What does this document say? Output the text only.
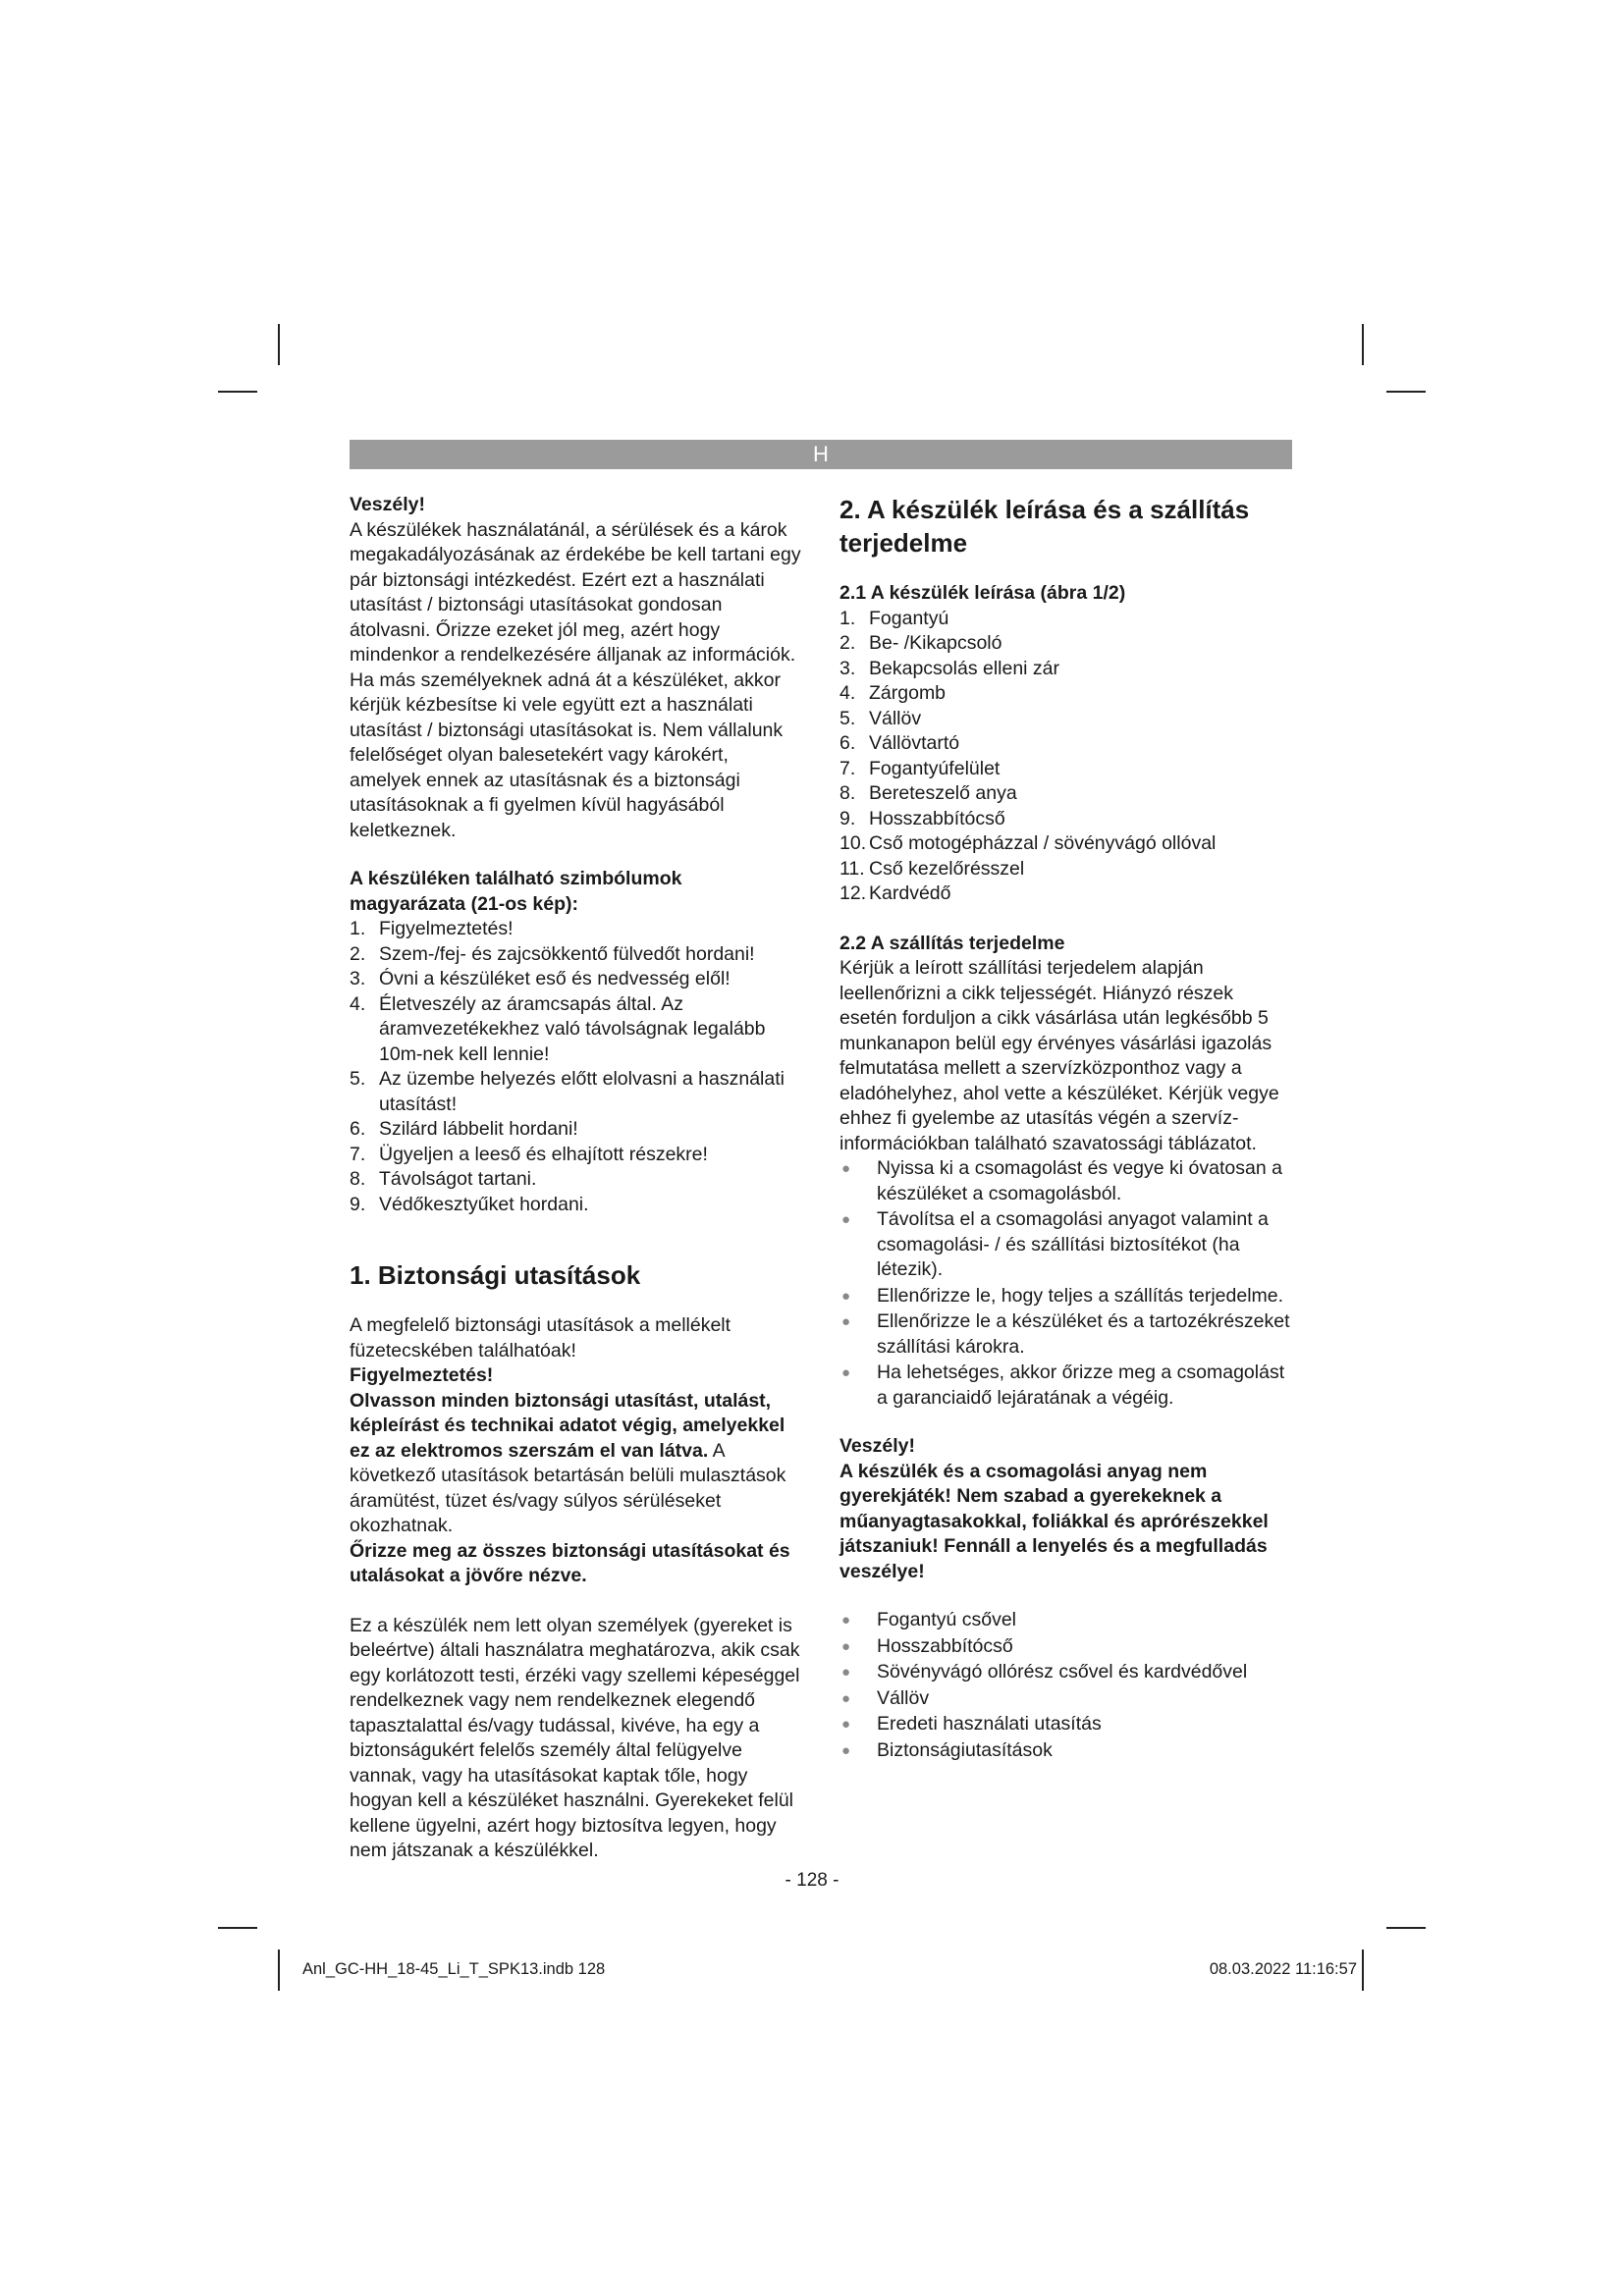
H

Veszély!

A készülékek használatánál, a sérülések és a károk megakadályozásának az érdekébe be kell tartani egy pár biztonsági intézkedést. Ezért ezt a használati utasítást / biztonsági utasításokat gondosan átolvasni. Őrizze ezeket jól meg, azért hogy mindenkor a rendelkezésére álljanak az információk. Ha más személyeknek adná át a készüléket, akkor kérjük kézbesítse ki vele együtt ezt a használati utasítást / biztonsági utasításokat is. Nem vállalunk felelőséget olyan balesetekért vagy károkért, amelyek ennek az utasításnak és a biztonsági utasításoknak a fi gyelmen kívül hagyásából keletkeznek.

A készüléken található szimbólumok magyarázata (21-os kép):

1. Figyelmeztetés!
2. Szem-/fej- és zajcsökkentő fülvedőt hordani!
3. Óvni a készüléket eső és nedvesség elől!
4. Életveszély az áramcsapás által. Az áramvezetékekhez való távolságnak legalább 10m-nek kell lennie!
5. Az üzembe helyezés előtt elolvasni a használati utasítást!
6. Szilárd lábbelit hordani!
7. Ügyeljen a leeső és elhajított részekre!
8. Távolságot tartani.
9. Védőkesztyűket hordani.
1. Biztonsági utasítások

A megfelelő biztonsági utasítások a mellékelt füzetecskében találhatóak!

Figyelmeztetés!

Olvasson minden biztonsági utasítást, utalást, képleírást és technikai adatot végig, amelyekkel ez az elektromos szerszám el van látva. A következő utasítások betartásán belüli mulasztások áramütést, tüzet és/vagy súlyos sérüléseket okozhatnak.

Őrizze meg az összes biztonsági utasításokat és utalásokat a jövőre nézve.

Ez a készülék nem lett olyan személyek (gyereket is beleértve) általi használatra meghatározva, akik csak egy korlátozott testi, érzéki vagy szellemi képeséggel rendelkeznek vagy nem rendelkeznek elegendő tapasztalattal és/vagy tudással, kivéve, ha egy a biztonságukért felelős személy által felügyelve vannak, vagy ha utasításokat kaptak tőle, hogy hogyan kell a készüléket használni. Gyerekeket felül kellene ügyelni, azért hogy biztosítva legyen, hogy nem játszanak a készülékkel.

2. A készülék leírása és a szállítás terjedelme

2.1 A készülék leírása (ábra 1/2)

1. Fogantyú
2. Be- /Kikapcsoló
3. Bekapcsolás elleni zár
4. Zárgomb
5. Vállöv
6. Vállövtartó
7. Fogantyúfelület
8. Bereteszelő anya
9. Hosszabbítócső
10. Cső motogépházzal / sövényvágó ollóval
11. Cső kezelőrésszel
12. Kardvédő

2.2 A szállítás terjedelme

Kérjük a leírott szállítási terjedelem alapján leellenőrizni a cikk teljességét. Hiányzó részek esetén forduljon a cikk vásárlása után legkésőbb 5 munkanapon belül egy érvényes vásárlási igazolás felmutatása mellett a szervízközponthoz vagy a eladóhelyhez, ahol vette a készüléket. Kérjük vegye ehhez fi gyelembe az utasítás végén a szervíz-információkban található szavatossági táblázatot.

●	Nyissa ki a csomagolást és vegye ki óvatosan a készüléket a csomagolásból.
●	Távolítsa el a csomagolási anyagot valamint a csomagolási- / és szállítási biztosítékot (ha létezik).
●	Ellenőrizze le, hogy teljes a szállítás terjedelme.
●	Ellenőrizze le a készüléket és a tartozékrészeket szállítási károkra.
●	Ha lehetséges, akkor őrizze meg a csomagolást a garanciaidő lejáratának a végéig.

Veszély!

A készülék és a csomagolási anyag nem gyerekjáték! Nem szabad a gyerekeknek a műanyagtasakokkal, foliákkal és aprórészekkel játszaniuk! Fennáll a lenyelés és a megfulladás veszélye!

●	Fogantyú csővel
●	Hosszabbítócső
●	Sövényvágó ollórész csővel és kardvédővel
●	Vállöv
●	Eredeti használati utasítás
●	Biztonságiutasítások
- 128 -
Anl_GC-HH_18-45_Li_T_SPK13.indb 128	08.03.2022 11:16:57
